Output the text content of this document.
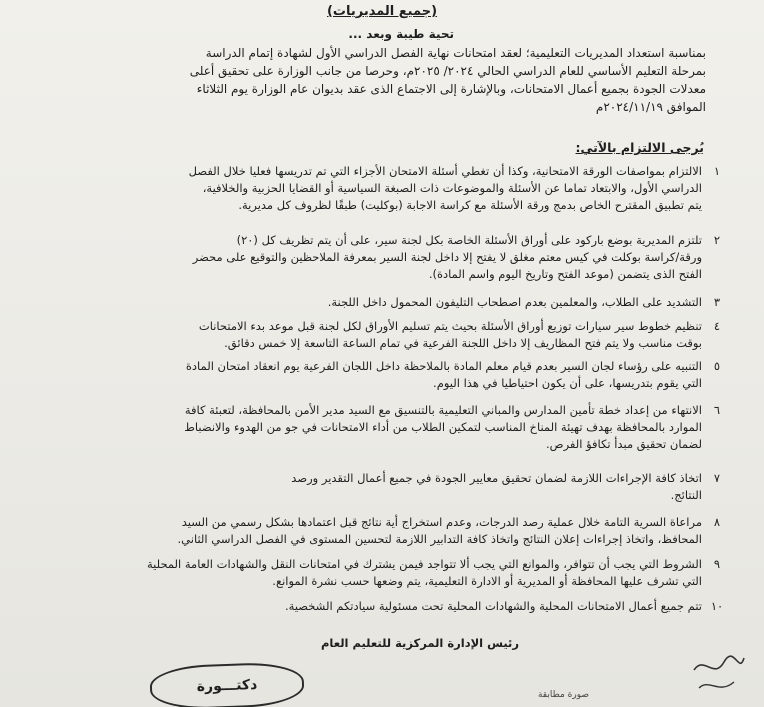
(جميع المديريات)
تحية طيبة وبعد ...
بمناسبة استعداد المديريات التعليمية؛ لعقد امتحانات نهاية الفصل الدراسي الأول لشهادة إتمام الدراسة
بمرحلة التعليم الأساسي للعام الدراسي الحالي ٢٠٢٤/ ٢٠٢٥م، وحرصا من جانب الوزارة على تحقيق أعلى
معدلات الجودة بجميع أعمال الامتحانات، وبالإشارة إلى الاجتماع الذى عقد بديوان عام الوزارة يوم الثلاثاء
الموافق ٢٠٢٤/١١/١٩م
يُرجى الالتزام بالآتي:
١
الالتزام بمواصفات الورقة الامتحانية، وكذا أن تغطي أسئلة الامتحان الأجزاء التي تم تدريسها فعليا خلال الفصل
الدراسي الأول، والابتعاد تماما عن الأسئلة والموضوعات ذات الصبغة السياسية أو القضايا الحزبية والخلافية،
يتم تطبيق المقترح الخاص بدمج ورقة الأسئلة مع كراسة الاجابة (بوكليت) طبقًا لظروف كل مديرية.
٢
تلتزم المديرية بوضع باركود على أوراق الأسئلة الخاصة بكل لجنة سير، على أن يتم تظريف كل (٢٠)
ورقة/كراسة بوكلت في كيس معتم مغلق لا يفتح إلا داخل لجنة السير بمعرفة الملاحظين والتوقيع على محضر
الفتح الذى يتضمن (موعد الفتح وتاريخ اليوم واسم المادة).
٣
التشديد على الطلاب، والمعلمين بعدم اصطحاب التليفون المحمول داخل اللجنة.
٤
تنظيم خطوط سير سيارات توزيع أوراق الأسئلة بحيث يتم تسليم الأوراق لكل لجنة قبل موعد بدء الامتحانات
بوقت مناسب ولا يتم فتح المظاريف إلا داخل اللجنة الفرعية في تمام الساعة التاسعة إلا خمس دقائق.
٥
التنبيه على رؤساء لجان السير بعدم قيام معلم المادة بالملاحظة داخل اللجان الفرعية يوم انعقاد امتحان المادة
التي يقوم بتدريسها، على أن يكون احتياطيا في هذا اليوم.
٦
الانتهاء من إعداد خطة تأمين المدارس والمباني التعليمية بالتنسيق مع السيد مدير الأمن بالمحافظة، لتعبئة كافة
الموارد بالمحافظة بهدف تهيئة المناخ المناسب لتمكين الطلاب من أداء الامتحانات في جو من الهدوء والانضباط
لضمان تحقيق مبدأ تكافؤ الفرص.
٧
اتخاذ كافة الإجراءات اللازمة لضمان تحقيق معايير الجودة في جميع أعمال التقدير ورصد
النتائج.
٨
مراعاة السرية التامة خلال عملية رصد الدرجات، وعدم استخراج أية نتائج قبل اعتمادها بشكل رسمي من السيد
المحافظ، واتخاذ إجراءات إعلان النتائج واتخاذ كافة التدابير اللازمة لتحسين المستوى في الفصل الدراسي الثاني.
٩
الشروط التي يجب أن تتوافر، والموانع التي يجب ألا تتواجد فيمن يشترك في امتحانات النقل والشهادات العامة المحلية
التي تشرف عليها المحافظة أو المديرية أو الادارة التعليمية، يتم وضعها حسب نشرة الموانع.
١٠
تتم جميع أعمال الامتحانات المحلية والشهادات المحلية تحت مسئولية سيادتكم الشخصية.
رئيس الإدارة المركزية للتعليم العام
دكتـــورة	صورة مطابقة
